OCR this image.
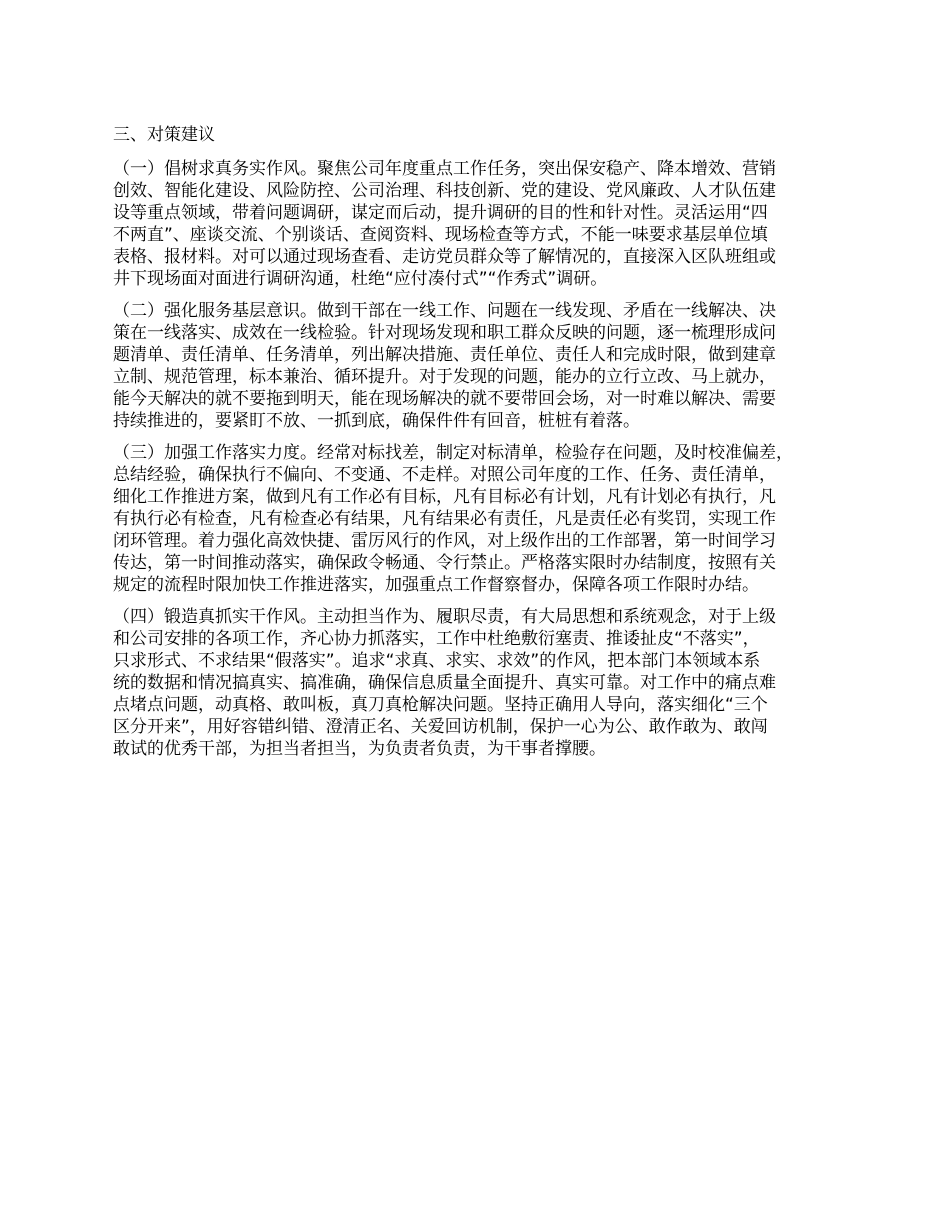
三、对策建议
（一）倡树求真务实作风。聚焦公司年度重点工作任务，突出保安稳产、降本增效、营销
创效、智能化建设、风险防控、公司治理、科技创新、党的建设、党风廉政、人才队伍建
设等重点领域，带着问题调研，谋定而后动，提升调研的目的性和针对性。灵活运用“四
不两直”、座谈交流、个别谈话、查阅资料、现场检查等方式，不能一味要求基层单位填
表格、报材料。对可以通过现场查看、走访党员群众等了解情况的，直接深入区队班组或
井下现场面对面进行调研沟通，杜绝“应付凑付式”“作秀式”调研。
（二）强化服务基层意识。做到干部在一线工作、问题在一线发现、矛盾在一线解决、决
策在一线落实、成效在一线检验。针对现场发现和职工群众反映的问题，逐一梳理形成问
题清单、责任清单、任务清单，列出解决措施、责任单位、责任人和完成时限，做到建章
立制、规范管理，标本兼治、循环提升。对于发现的问题，能办的立行立改、马上就办，
能今天解决的就不要拖到明天，能在现场解决的就不要带回会场，对一时难以解决、需要
持续推进的，要紧盯不放、一抓到底，确保件件有回音，桩桩有着落。
（三）加强工作落实力度。经常对标找差，制定对标清单，检验存在问题，及时校准偏差，
总结经验，确保执行不偏向、不变通、不走样。对照公司年度的工作、任务、责任清单，
细化工作推进方案，做到凡有工作必有目标，凡有目标必有计划，凡有计划必有执行，凡
有执行必有检查，凡有检查必有结果，凡有结果必有责任，凡是责任必有奖罚，实现工作
闭环管理。着力强化高效快捷、雷厉风行的作风，对上级作出的工作部署，第一时间学习
传达，第一时间推动落实，确保政令畅通、令行禁止。严格落实限时办结制度，按照有关
规定的流程时限加快工作推进落实，加强重点工作督察督办，保障各项工作限时办结。
（四）锻造真抓实干作风。主动担当作为、履职尽责，有大局思想和系统观念，对于上级
和公司安排的各项工作，齐心协力抓落实，工作中杜绝敷衍塞责、推诿扯皮“不落实”，
只求形式、不求结果“假落实”。追求“求真、求实、求效”的作风，把本部门本领域本系
统的数据和情况搞真实、搞准确，确保信息质量全面提升、真实可靠。对工作中的痛点难
点堵点问题，动真格、敢叫板，真刀真枪解决问题。坚持正确用人导向，落实细化“三个
区分开来”，用好容错纠错、澄清正名、关爱回访机制，保护一心为公、敢作敢为、敢闯
敢试的优秀干部，为担当者担当，为负责者负责，为干事者撑腰。
